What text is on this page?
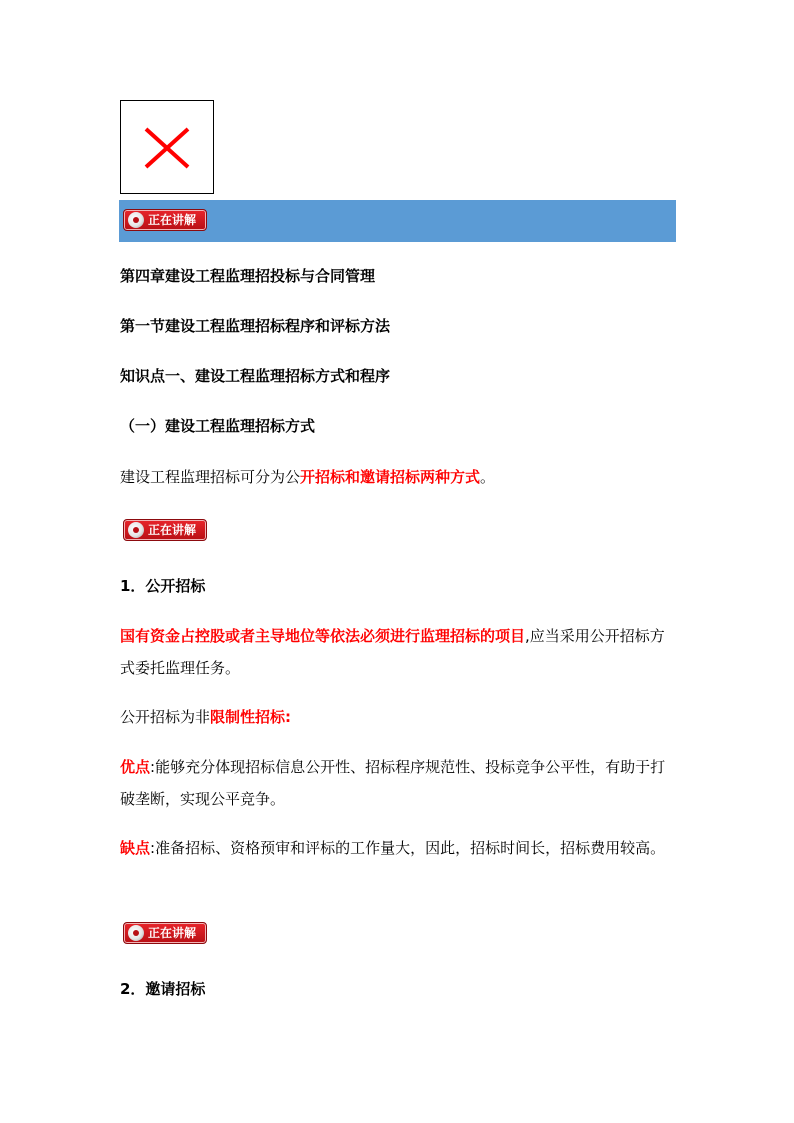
正在讲解
第四章建设工程监理招投标与合同管理
第一节建设工程监理招标程序和评标方法
知识点一、建设工程监理招标方式和程序
（一）建设工程监理招标方式
建设工程监理招标可分为公开招标和邀请招标两种方式。
正在讲解
1．公开招标
国有资金占控股或者主导地位等依法必须进行监理招标的项目,应当采用公开招标方式委托监理任务。
公开招标为非限制性招标:
优点:能够充分体现招标信息公开性、招标程序规范性、投标竞争公平性，有助于打破垄断，实现公平竞争。
缺点:准备招标、资格预审和评标的工作量大，因此，招标时间长，招标费用较高。
正在讲解
2．邀请招标
